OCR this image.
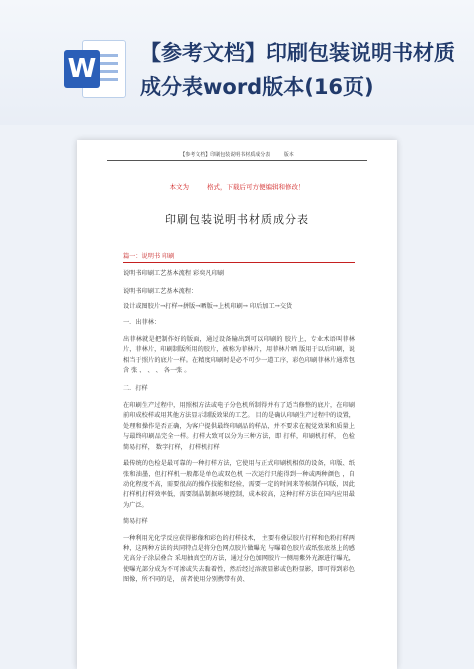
W
【参考文档】印刷包装说明书材质成分表word版本(16页)
【参考文档】印刷包装说明书材质成分表	版本
本文为	格式，下载后可方便编辑和修改！
印刷包装说明书材质成分表

篇一：说明书 印刷

说明书印刷工艺基本流程 彩奕凡印刷

说明书印刷工艺基本流程：

设计或图胶片→打样→拼版→晒版→上机印刷→ 印后加工→交货

一．出菲林：

出菲林就是把制作好的版面，通过设备输出到可以印刷的 胶片上，专业术语叫菲林片，菲林片，印刷制版所用的胶片，被称为菲林片，用菲林片晒 版用于以后印刷，说相当于照片的底片一样。在精度印刷时是必不可少一道工序，彩色印刷菲林片通常包含 张 、 、 、 各一张 。

二．打样

在印刷生产过程中，用照相方法或电子分色机所制得并有了适当修整的底片，在印刷前印成校样或用其他方法显示制版效果的工艺。 目的是确认印刷生产过程中的设置，处理和操作是否正确，为客户提供最终印刷品的样品，并不要求在视觉效果和质量上与最终印刷品完全一样。打样大致可以分为三种方法，即 打样，印刷机打样， 色检 简易打样， 数字打样， 打样机打样

最传统的色检是最可靠的一种打样方法，它使用与正式印刷机相似的设备，印版、纸张和油墨，但打样机一般都是单色或双色机 一次运行只能得到一种或两种颜色 ，自动化程度不高，需要很高的操作技能和经验，需要一定的时间来等候制作印版，因此打样机打样效率低，需要制晶制据环境控制，成本较高，这种打样方法在国内应用最为广泛。

简易打样

一种利用光化学反应获得影像和彩色的打样技术， 主要有叠层胶片打样和色粉打样两种，这两种方法的共同特点是将分色网点胶片做曝光 与曝着色胶片或纸张底基上的感光高分子涂层叠合 采用抽真空的方法，通过分色加网胶片一侧用紫外光源进行曝光，使曝光部分成为不可渗或失去黏着性，然后经过溶液显影或色粉显影，即可得到彩色图像，所不同的是， 前者使用分别携带有黄、
